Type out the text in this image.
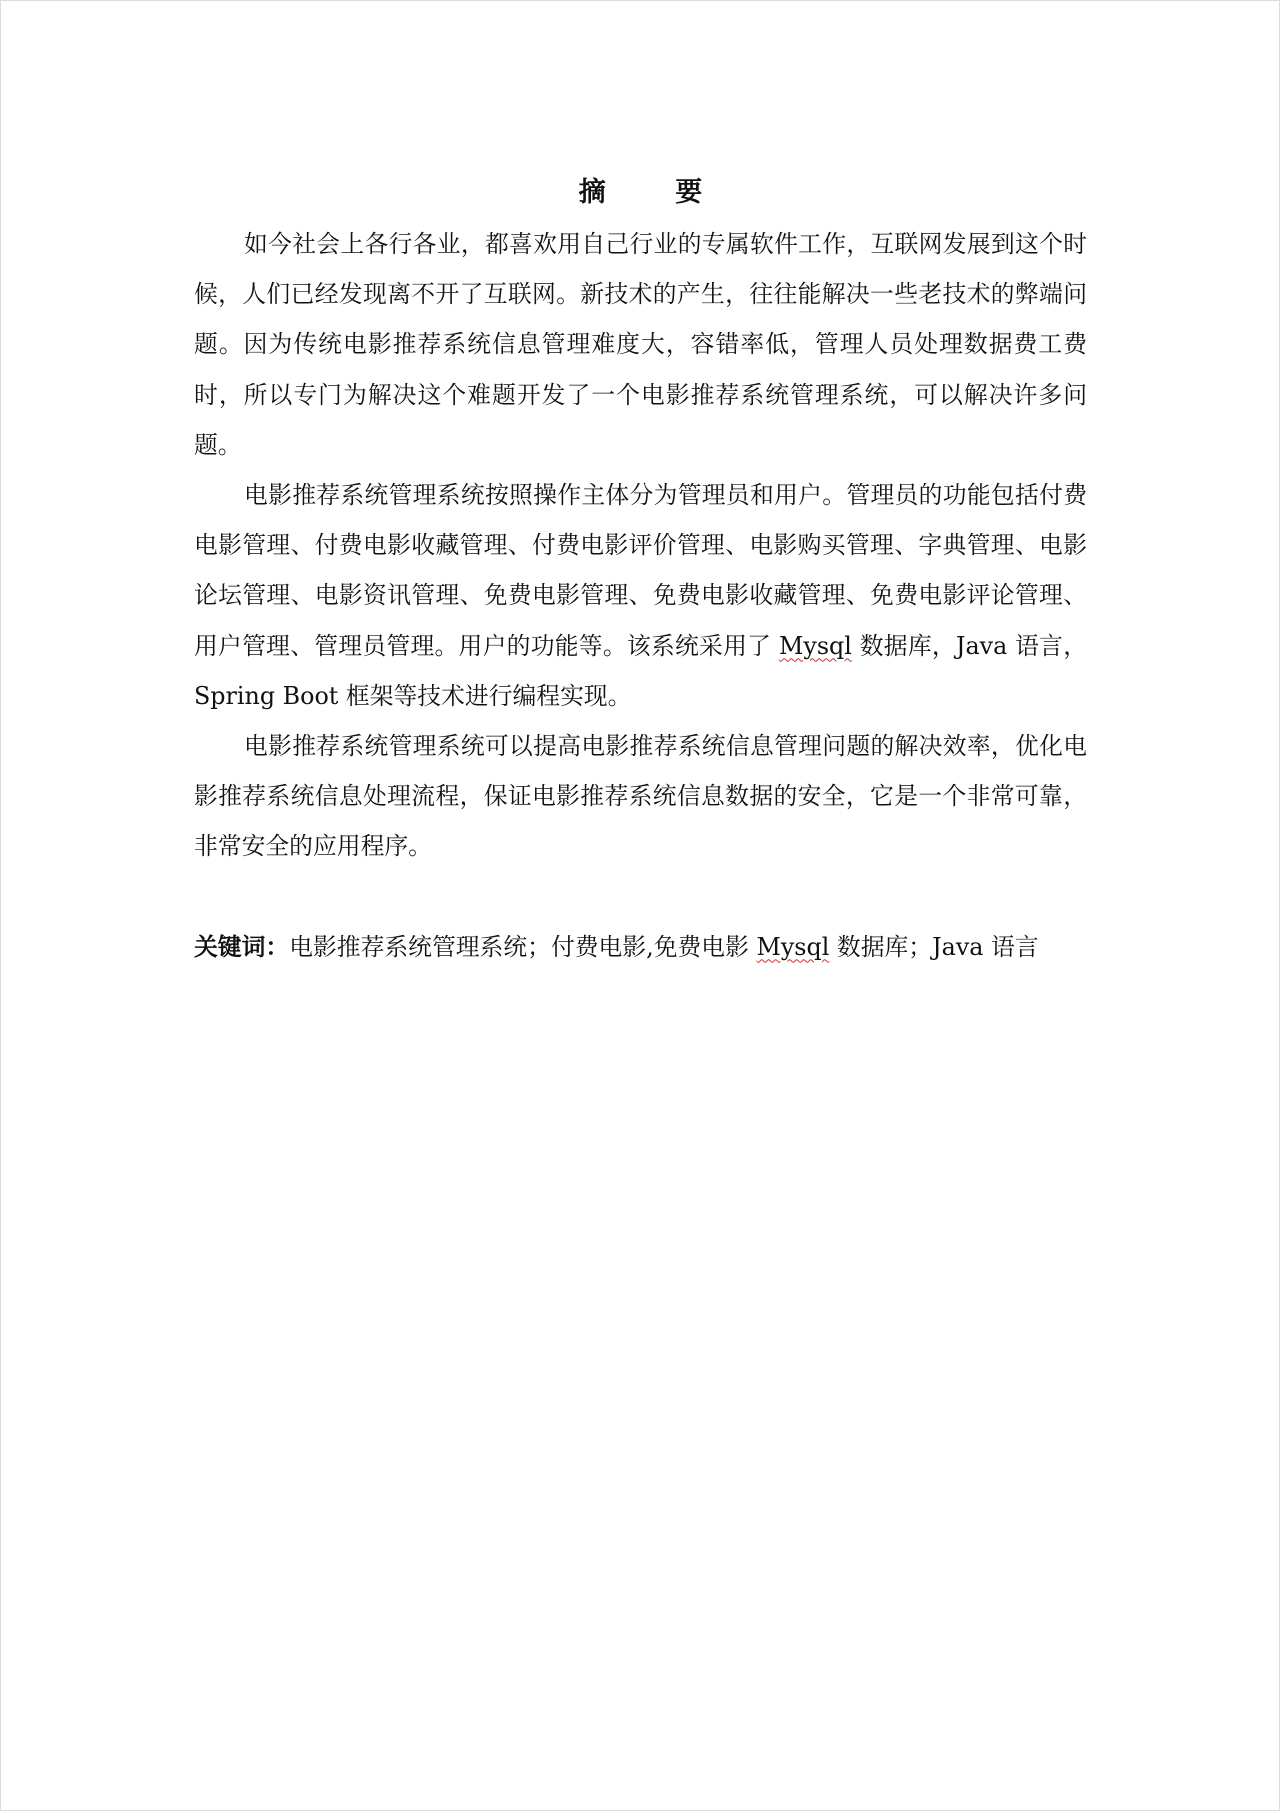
摘 要

如今社会上各行各业，都喜欢用自己行业的专属软件工作，互联网发展到这个时候，人们已经发现离不开了互联网。新技术的产生，往往能解决一些老技术的弊端问题。因为传统电影推荐系统信息管理难度大，容错率低，管理人员处理数据费工费时，所以专门为解决这个难题开发了一个电影推荐系统管理系统，可以解决许多问题。

电影推荐系统管理系统按照操作主体分为管理员和用户。管理员的功能包括付费电影管理、付费电影收藏管理、付费电影评价管理、电影购买管理、字典管理、电影论坛管理、电影资讯管理、免费电影管理、免费电影收藏管理、免费电影评论管理、用户管理、管理员管理。用户的功能等。该系统采用了 Mysql 数据库，Java 语言，Spring Boot 框架等技术进行编程实现。

电影推荐系统管理系统可以提高电影推荐系统信息管理问题的解决效率，优化电影推荐系统信息处理流程，保证电影推荐系统信息数据的安全，它是一个非常可靠，非常安全的应用程序。

关键词：电影推荐系统管理系统；付费电影,免费电影 Mysql 数据库；Java 语言
